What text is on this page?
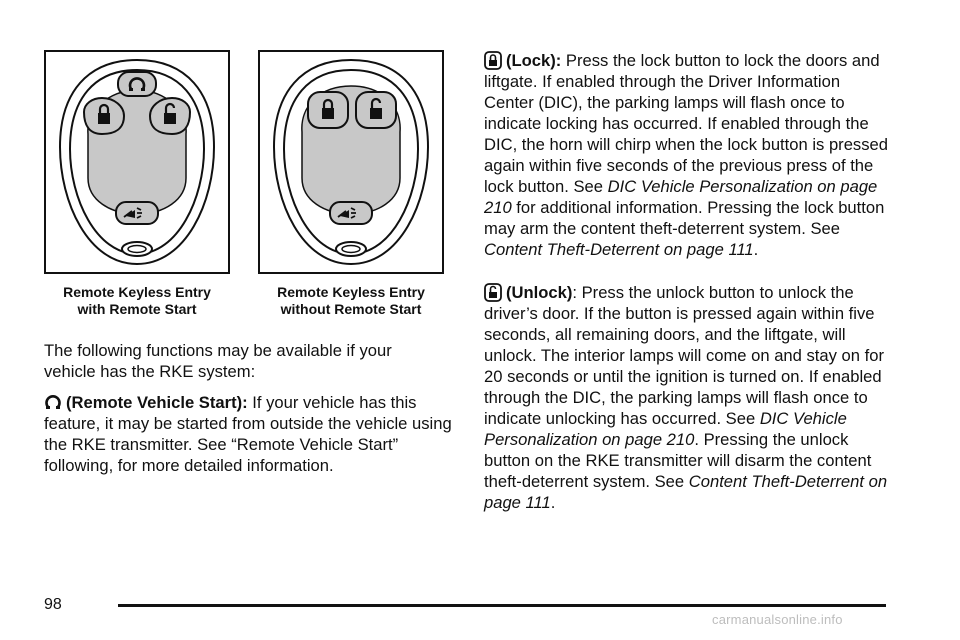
Remote Keyless Entry
with Remote Start
Remote Keyless Entry
without Remote Start

The following functions may be available if your vehicle has the RKE system:

(Remote Vehicle Start): If your vehicle has this feature, it may be started from outside the vehicle using the RKE transmitter. See “Remote Vehicle Start” following, for more detailed information.

(Lock): Press the lock button to lock the doors and liftgate. If enabled through the Driver Information Center (DIC), the parking lamps will flash once to indicate locking has occurred. If enabled through the DIC, the horn will chirp when the lock button is pressed again within five seconds of the previous press of the lock button. See DIC Vehicle Personalization on page 210 for additional information. Pressing the lock button may arm the content theft-deterrent system. See Content Theft-Deterrent on page 111.

(Unlock): Press the unlock button to unlock the driver’s door. If the button is pressed again within five seconds, all remaining doors, and the liftgate, will unlock. The interior lamps will come on and stay on for 20 seconds or until the ignition is turned on. If enabled through the DIC, the parking lamps will flash once to indicate unlocking has occurred. See DIC Vehicle Personalization on page 210. Pressing the unlock button on the RKE transmitter will disarm the content theft-deterrent system. See Content Theft-Deterrent on page 111.

98
carmanualsonline.info
